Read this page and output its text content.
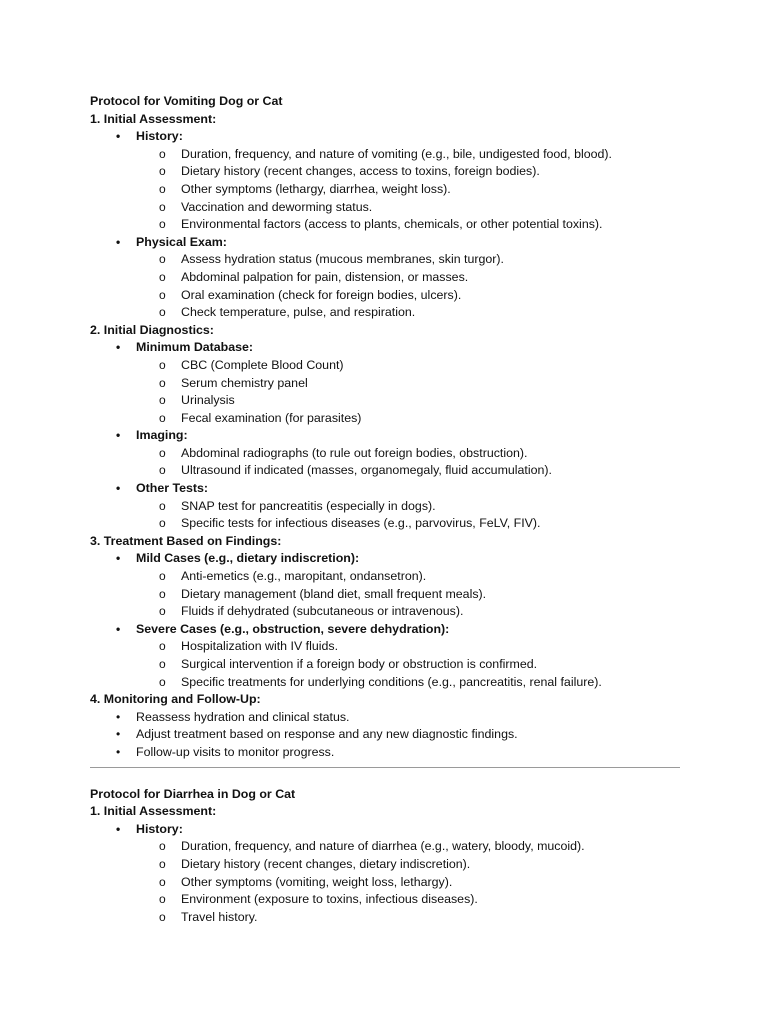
Protocol for Vomiting Dog or Cat
1. Initial Assessment:
• History:
o Duration, frequency, and nature of vomiting (e.g., bile, undigested food, blood).
o Dietary history (recent changes, access to toxins, foreign bodies).
o Other symptoms (lethargy, diarrhea, weight loss).
o Vaccination and deworming status.
o Environmental factors (access to plants, chemicals, or other potential toxins).
• Physical Exam:
o Assess hydration status (mucous membranes, skin turgor).
o Abdominal palpation for pain, distension, or masses.
o Oral examination (check for foreign bodies, ulcers).
o Check temperature, pulse, and respiration.
2. Initial Diagnostics:
• Minimum Database:
o CBC (Complete Blood Count)
o Serum chemistry panel
o Urinalysis
o Fecal examination (for parasites)
• Imaging:
o Abdominal radiographs (to rule out foreign bodies, obstruction).
o Ultrasound if indicated (masses, organomegaly, fluid accumulation).
• Other Tests:
o SNAP test for pancreatitis (especially in dogs).
o Specific tests for infectious diseases (e.g., parvovirus, FeLV, FIV).
3. Treatment Based on Findings:
• Mild Cases (e.g., dietary indiscretion):
o Anti-emetics (e.g., maropitant, ondansetron).
o Dietary management (bland diet, small frequent meals).
o Fluids if dehydrated (subcutaneous or intravenous).
• Severe Cases (e.g., obstruction, severe dehydration):
o Hospitalization with IV fluids.
o Surgical intervention if a foreign body or obstruction is confirmed.
o Specific treatments for underlying conditions (e.g., pancreatitis, renal failure).
4. Monitoring and Follow-Up:
• Reassess hydration and clinical status.
• Adjust treatment based on response and any new diagnostic findings.
• Follow-up visits to monitor progress.
Protocol for Diarrhea in Dog or Cat
1. Initial Assessment:
• History:
o Duration, frequency, and nature of diarrhea (e.g., watery, bloody, mucoid).
o Dietary history (recent changes, dietary indiscretion).
o Other symptoms (vomiting, weight loss, lethargy).
o Environment (exposure to toxins, infectious diseases).
o Travel history.
